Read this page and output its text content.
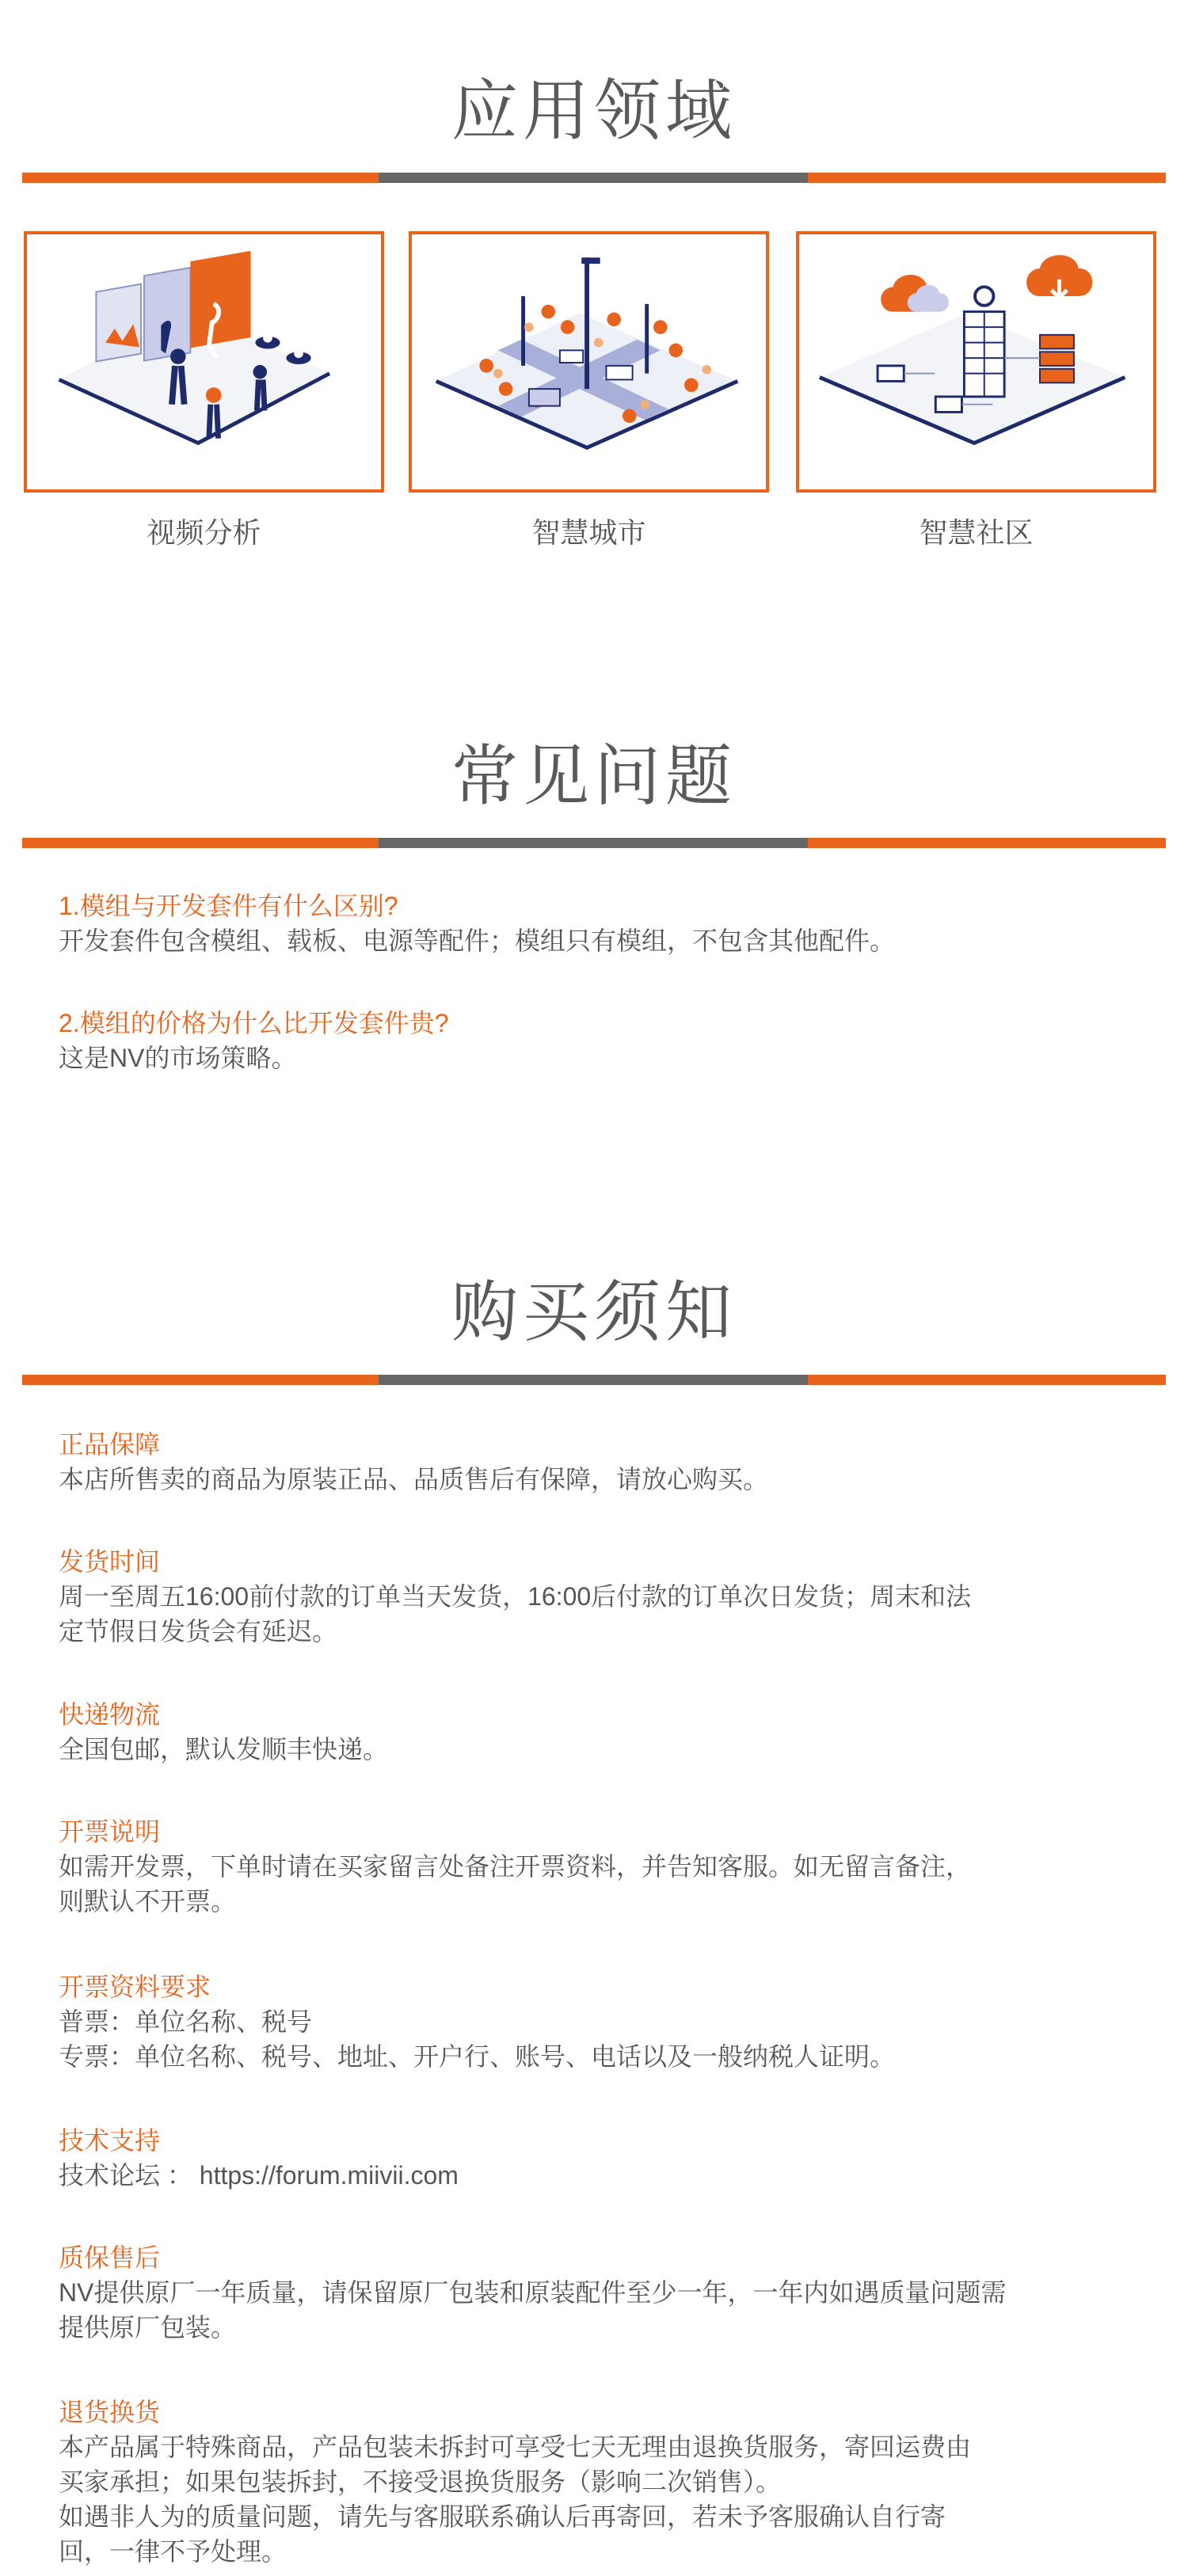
应用领域
视频分析	智慧城市	智慧社区
常见问题
1.模组与开发套件有什么区别?
开发套件包含模组、载板、电源等配件；模组只有模组，不包含其他配件。
2.模组的价格为什么比开发套件贵?
这是NV的市场策略。
购买须知
正品保障
本店所售卖的商品为原装正品、品质售后有保障，请放心购买。
发货时间
周一至周五16:00前付款的订单当天发货，16:00后付款的订单次日发货；周末和法
定节假日发货会有延迟。
快递物流
全国包邮，默认发顺丰快递。
开票说明
如需开发票，下单时请在买家留言处备注开票资料，并告知客服。如无留言备注，
则默认不开票。
开票资料要求
普票：单位名称、税号
专票：单位名称、税号、地址、开户行、账号、电话以及一般纳税人证明。
技术支持
技术论坛 ： https://forum.miivii.com
质保售后
NV提供原厂一年质量，请保留原厂包装和原装配件至少一年，一年内如遇质量问题需
提供原厂包装。
退货换货
本产品属于特殊商品，产品包装未拆封可享受七天无理由退换货服务，寄回运费由
买家承担；如果包装拆封，不接受退换货服务（影响二次销售）。
如遇非人为的质量问题，请先与客服联系确认后再寄回，若未予客服确认自行寄
回，一律不予处理。
